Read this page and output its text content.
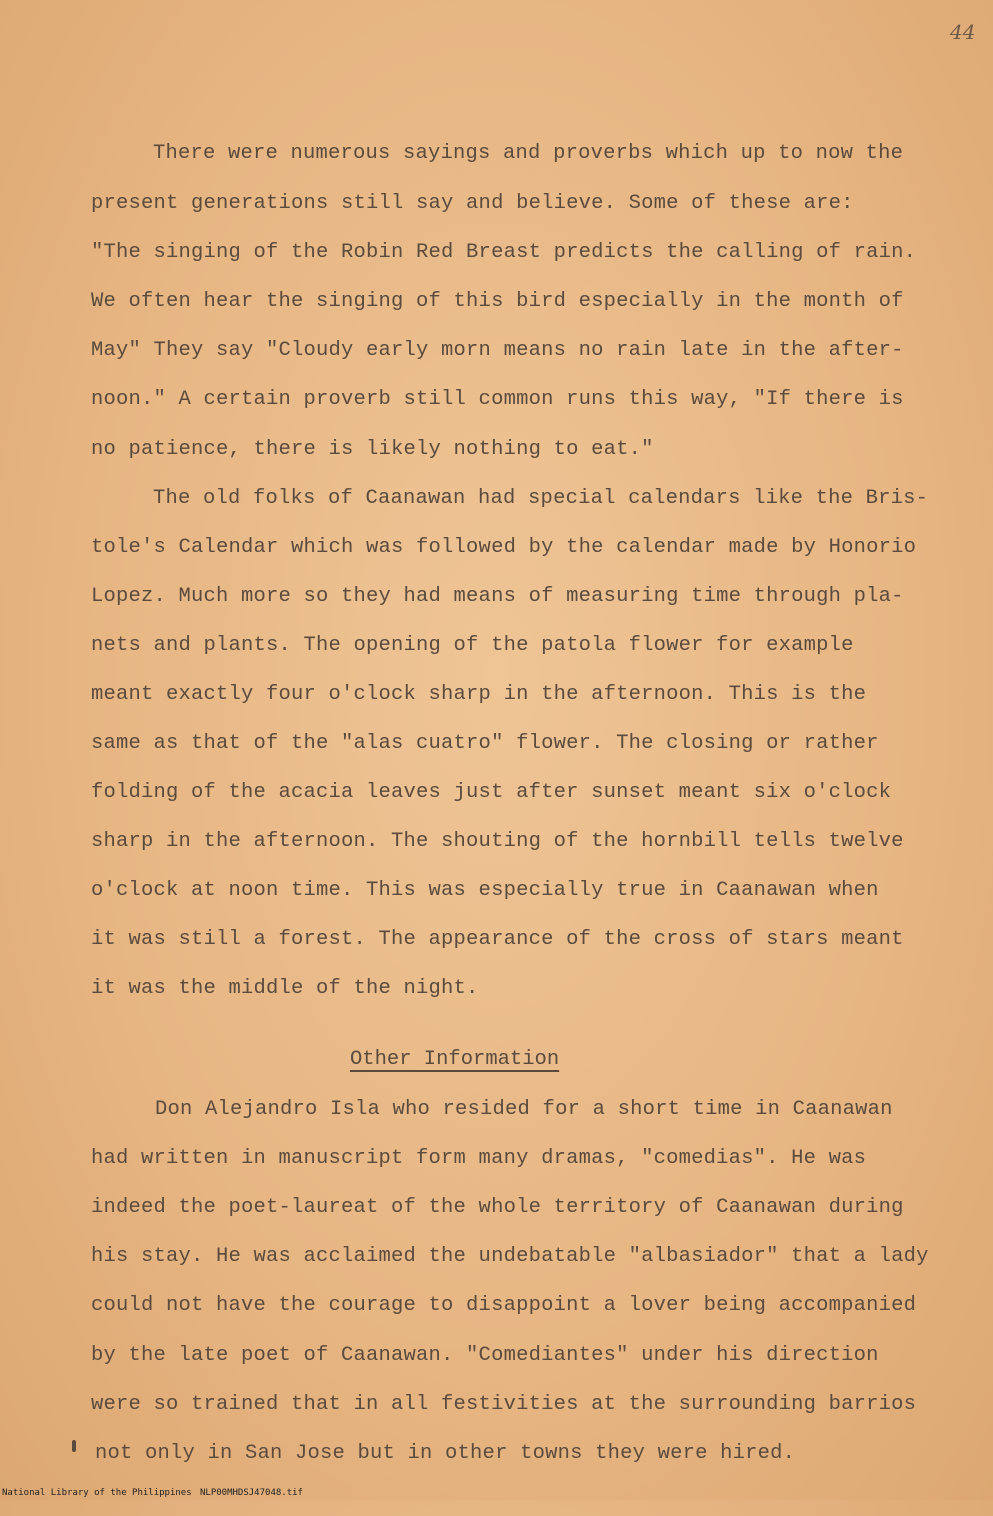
44
There were numerous sayings and proverbs which up to now the
present generations still say and believe. Some of these are:
"The singing of the Robin Red Breast predicts the calling of rain.
We often hear the singing of this bird especially in the month of
May" They say "Cloudy early morn means no rain late in the after-
noon." A certain proverb still common runs this way, "If there is
no patience, there is likely nothing to eat."
The old folks of Caanawan had special calendars like the Bris-
tole's Calendar which was followed by the calendar made by Honorio
Lopez. Much more so they had means of measuring time through pla-
nets and plants. The opening of the patola flower for example
meant exactly four o'clock sharp in the afternoon. This is the
same as that of the "alas cuatro" flower. The closing or rather
folding of the acacia leaves just after sunset meant six o'clock
sharp in the afternoon. The shouting of the hornbill tells twelve
o'clock at noon time. This was especially true in Caanawan when
it was still a forest. The appearance of the cross of stars meant
it was the middle of the night.
Other Information
Don Alejandro Isla who resided for a short time in Caanawan
had written in manuscript form many dramas, "comedias". He was
indeed the poet-laureat of the whole territory of Caanawan during
his stay. He was acclaimed the undebatable "albasiador" that a lady
could not have the courage to disappoint a lover being accompanied
by the late poet of Caanawan. "Comediantes" under his direction
were so trained that in all festivities at the surrounding barrios
not only in San Jose but in other towns they were hired.

National Library of the Philippines

NLP00MHDSJ47048.tif
